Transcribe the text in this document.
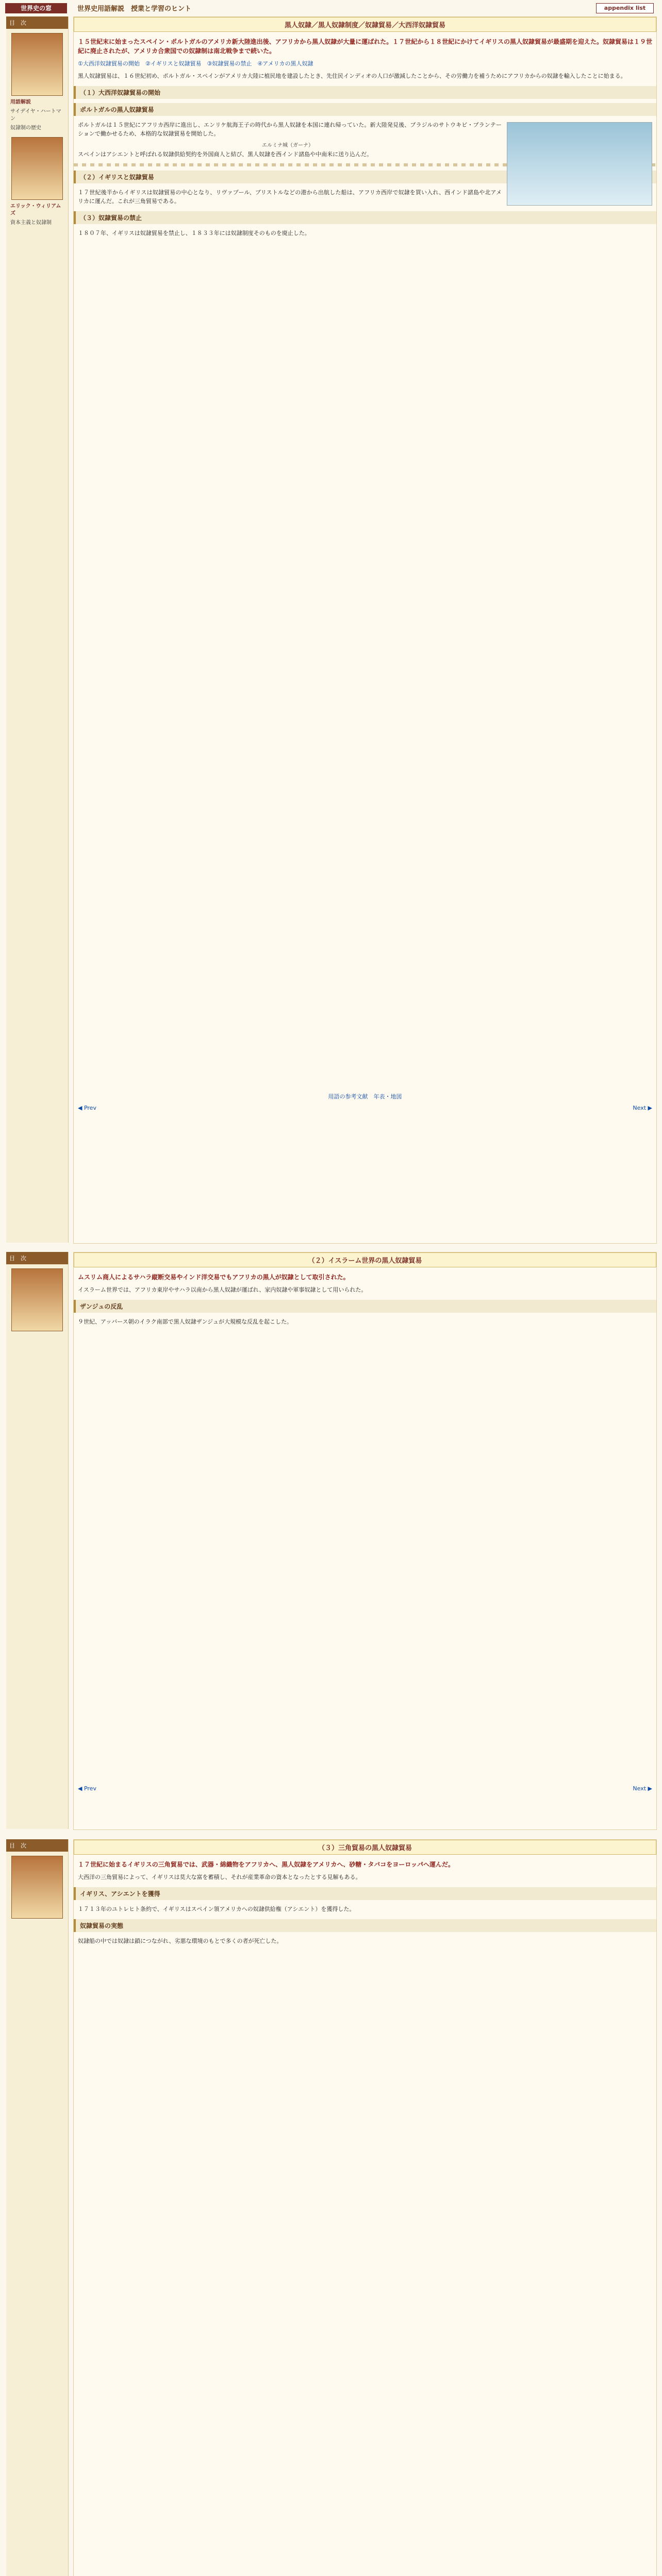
世界史の窓	世界史用語解説　授業と学習のヒント	appendix list
目　次
用語解説
サイデイヤ・ハートマン
奴隷制の歴史
エリック・ウィリアムズ
資本主義と奴隷制
黒人奴隷／黒人奴隷制度／奴隷貿易／大西洋奴隷貿易
１５世紀末に始まったスペイン・ポルトガルのアメリカ新大陸進出後、アフリカから黒人奴隷が大量に運ばれた。１７世紀から１８世紀にかけてイギリスの黒人奴隷貿易が最盛期を迎えた。奴隷貿易は１９世紀に廃止されたが、アメリカ合衆国での奴隷制は南北戦争まで続いた。
①大西洋奴隷貿易の開始　②イギリスと奴隷貿易　③奴隷貿易の禁止　④アメリカの黒人奴隷
黒人奴隷貿易は、１６世紀初め、ポルトガル・スペインがアメリカ大陸に植民地を建設したとき、先住民インディオの人口が激減したことから、その労働力を補うためにアフリカからの奴隷を輸入したことに始まる。
（１）大西洋奴隷貿易の開始
ポルトガルの黒人奴隷貿易
ポルトガルは１５世紀にアフリカ西岸に進出し、エンリケ航海王子の時代から黒人奴隷を本国に連れ帰っていた。新大陸発見後、ブラジルのサトウキビ・プランテーションで働かせるため、本格的な奴隷貿易を開始した。
エルミナ城（ガーナ）
スペインはアシエントと呼ばれる奴隷供給契約を外国商人と結び、黒人奴隷を西インド諸島や中南米に送り込んだ。
（２）イギリスと奴隷貿易
１７世紀後半からイギリスは奴隷貿易の中心となり、リヴァプール、ブリストルなどの港から出航した船は、アフリカ西岸で奴隷を買い入れ、西インド諸島や北アメリカに運んだ。これが三角貿易である。
（３）奴隷貿易の禁止
１８０７年、イギリスは奴隷貿易を禁止し、１８３３年には奴隷制度そのものを廃止した。
用語の参考文献　年表・地図
◀ Prev	Next ▶
目　次	（２）イスラーム世界の黒人奴隷貿易
ムスリム商人によるサハラ縦断交易やインド洋交易でもアフリカの黒人が奴隷として取引された。
イスラーム世界では、アフリカ東岸やサハラ以南から黒人奴隷が運ばれ、家内奴隷や軍事奴隷として用いられた。
ザンジュの反乱
９世紀、アッバース朝のイラク南部で黒人奴隷ザンジュが大規模な反乱を起こした。
◀ Prev	Next ▶
目　次	（３）三角貿易の黒人奴隷貿易
１７世紀に始まるイギリスの三角貿易では、武器・綿織物をアフリカへ、黒人奴隷をアメリカへ、砂糖・タバコをヨーロッパへ運んだ。
大西洋の三角貿易によって、イギリスは莫大な富を蓄積し、それが産業革命の資本となったとする見解もある。
イギリス、アシエントを獲得
１７１３年のユトレヒト条約で、イギリスはスペイン領アメリカへの奴隷供給権（アシエント）を獲得した。
奴隷貿易の実態
奴隷船の中では奴隷は鎖につながれ、劣悪な環境のもとで多くの者が死亡した。
